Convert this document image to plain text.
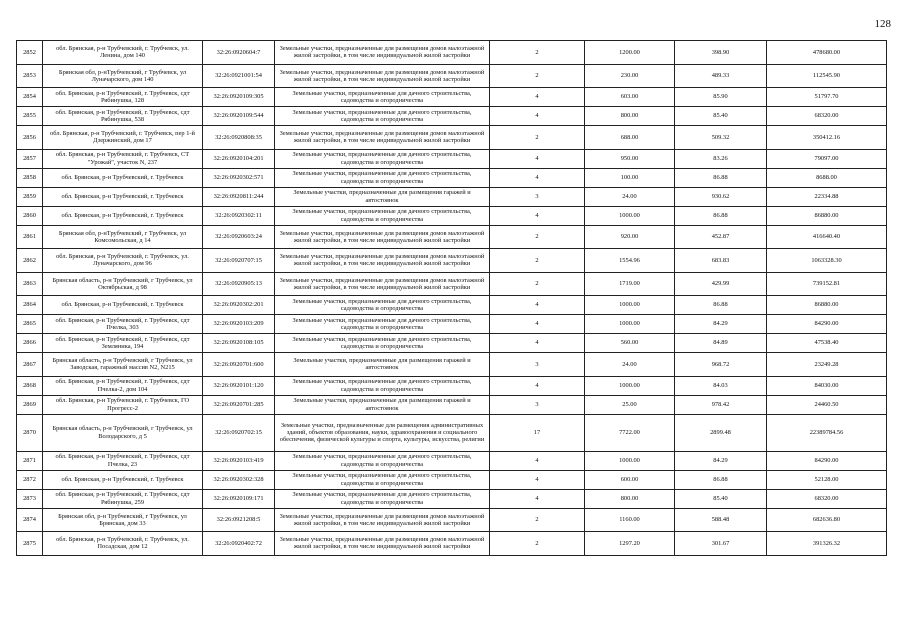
128
2852	обл. Брянская, р-н Трубчевский, г. Трубчевск, ул. Ленина, дом 140	32:26:0920604:7	Земельные участки, предназначенные для размещения домов малоэтажной жилой застройки, в том числе индивидуальной жилой застройки	2	1200.00	398.90	478680.00
2853	Брянская обл, р-нТрубчевский, г Трубчевск, ул Луначарского, дом 140	32:26:0921001:54	Земельные участки, предназначенные для размещения домов малоэтажной жилой застройки, в том числе индивидуальной жилой застройки	2	230.00	489.33	112545.90
2854	обл. Брянская, р-н Трубчевский, г. Трубчевск, сдт Рябинушка, 128	32:26:0920109:305	Земельные участки, предназначенные для дачного строительства, садоводства и огородничества	4	603.00	85.90	51797.70
2855	обл. Брянская, р-н Трубчевский, г. Трубчевск, сдт Рябинушка, 538	32:26:0920109:544	Земельные участки, предназначенные для дачного строительства, садоводства и огородничества	4	800.00	85.40	68320.00
2856	обл. Брянская, р-н Трубчевский, г. Трубчевск, пер 1-й Дзержинский, дом 17	32:26:0920808:35	Земельные участки, предназначенные для размещения домов малоэтажной жилой застройки, в том числе индивидуальной жилой застройки	2	688.00	509.32	350412.16
2857	обл. Брянская, р-н Трубчевский, г. Трубчевск, СТ "Урожай", участок N, 237	32:26:0920104:201	Земельные участки, предназначенные для дачного строительства, садоводства и огородничества	4	950.00	83.26	79097.00
2858	обл. Брянская, р-н Трубчевский, г. Трубчевск	32:26:0920302:571	Земельные участки, предназначенные для дачного строительства, садоводства и огородничества	4	100.00	86.88	8688.00
2859	обл. Брянская, р-н Трубчевский, г. Трубчевск	32:26:0920811:244	Земельные участки, предназначенные для размещения гаражей и автостоянок	3	24.00	930.62	22334.88
2860	обл. Брянская, р-н Трубчевский, г. Трубчевск	32:26:0920302:11	Земельные участки, предназначенные для дачного строительства, садоводства и огородничества	4	1000.00	86.88	86880.00
2861	Брянская обл, р-нТрубчевский, г Трубчевск, ул Комсомольская, д 14	32:26:0920603:24	Земельные участки, предназначенные для размещения домов малоэтажной жилой застройки, в том числе индивидуальной жилой застройки	2	920.00	452.87	416640.40
2862	обл. Брянская, р-н Трубчевский, г. Трубчевск, ул. Луначарского, дом 96	32:26:0920707:15	Земельные участки, предназначенные для размещения домов малоэтажной жилой застройки, в том числе индивидуальной жилой застройки	2	1554.96	683.83	1063328.30
2863	Брянская область, р-н Трубчевский, г Трубчевск, ул Октябрьская, д 98	32:26:0920905:13	Земельные участки, предназначенные для размещения домов малоэтажной жилой застройки, в том числе индивидуальной жилой застройки	2	1719.00	429.99	739152.81
2864	обл. Брянская, р-н Трубчевский, г. Трубчевск	32:26:0920302:201	Земельные участки, предназначенные для дачного строительства, садоводства и огородничества	4	1000.00	86.88	86880.00
2865	обл. Брянская, р-н Трубчевский, г. Трубчевск, сдт Пчелка, 303	32:26:0920103:209	Земельные участки, предназначенные для дачного строительства, садоводства и огородничества	4	1000.00	84.29	84290.00
2866	обл. Брянская, р-н Трубчевский, г. Трубчевск, сдт Земляника, 194	32:26:0920108:105	Земельные участки, предназначенные для дачного строительства, садоводства и огородничества	4	560.00	84.89	47538.40
2867	Брянская область, р-н Трубчевский, г Трубчевск, ул Заводская, гаражный массив N2, N215	32:26:0920701:600	Земельные участки, предназначенные для размещения гаражей и автостоянок	3	24.00	968.72	23249.28
2868	обл. Брянская, р-н Трубчевский, г. Трубчевск, сдт Пчелка-2, дом 104	32:26:0920101:120	Земельные участки, предназначенные для дачного строительства, садоводства и огородничества	4	1000.00	84.03	84030.00
2869	обл. Брянская, р-н Трубчевский, г. Трубчевск, ГО Прогресс-2	32:26:0920701:285	Земельные участки, предназначенные для размещения гаражей и автостоянок	3	25.00	978.42	24460.50
2870	Брянская область, р-н Трубчевский, г Трубчевск, ул Володарского, д 5	32:26:0920702:15	Земельные участки, предназначенные для размещения административных зданий, объектов образования, науки, здравоохранения и социального обеспечения, физической культуры и спорта, культуры, искусства, религии	17	7722.00	2899.48	22389784.56
2871	обл. Брянская, р-н Трубчевский, г. Трубчевск, сдт Пчелка, 23	32:26:0920103:419	Земельные участки, предназначенные для дачного строительства, садоводства и огородничества	4	1000.00	84.29	84290.00
2872	обл. Брянская, р-н Трубчевский, г. Трубчевск	32:26:0920302:328	Земельные участки, предназначенные для дачного строительства, садоводства и огородничества	4	600.00	86.88	52128.00
2873	обл. Брянская, р-н Трубчевский, г. Трубчевск, сдт Рябинушка, 259	32:26:0920109:171	Земельные участки, предназначенные для дачного строительства, садоводства и огородничества	4	800.00	85.40	68320.00
2874	Брянская обл, р-н Трубчевский, г Трубчевск, ул Брянская, дом 33	32:26:0921208:5	Земельные участки, предназначенные для размещения домов малоэтажной жилой застройки, в том числе индивидуальной жилой застройки	2	1160.00	588.48	682636.80
2875	обл. Брянская, р-н Трубчевский, г. Трубчевск, ул. Посадская, дом 12	32:26:0920402:72	Земельные участки, предназначенные для размещения домов малоэтажной жилой застройки, в том числе индивидуальной жилой застройки	2	1297.20	301.67	391326.32
